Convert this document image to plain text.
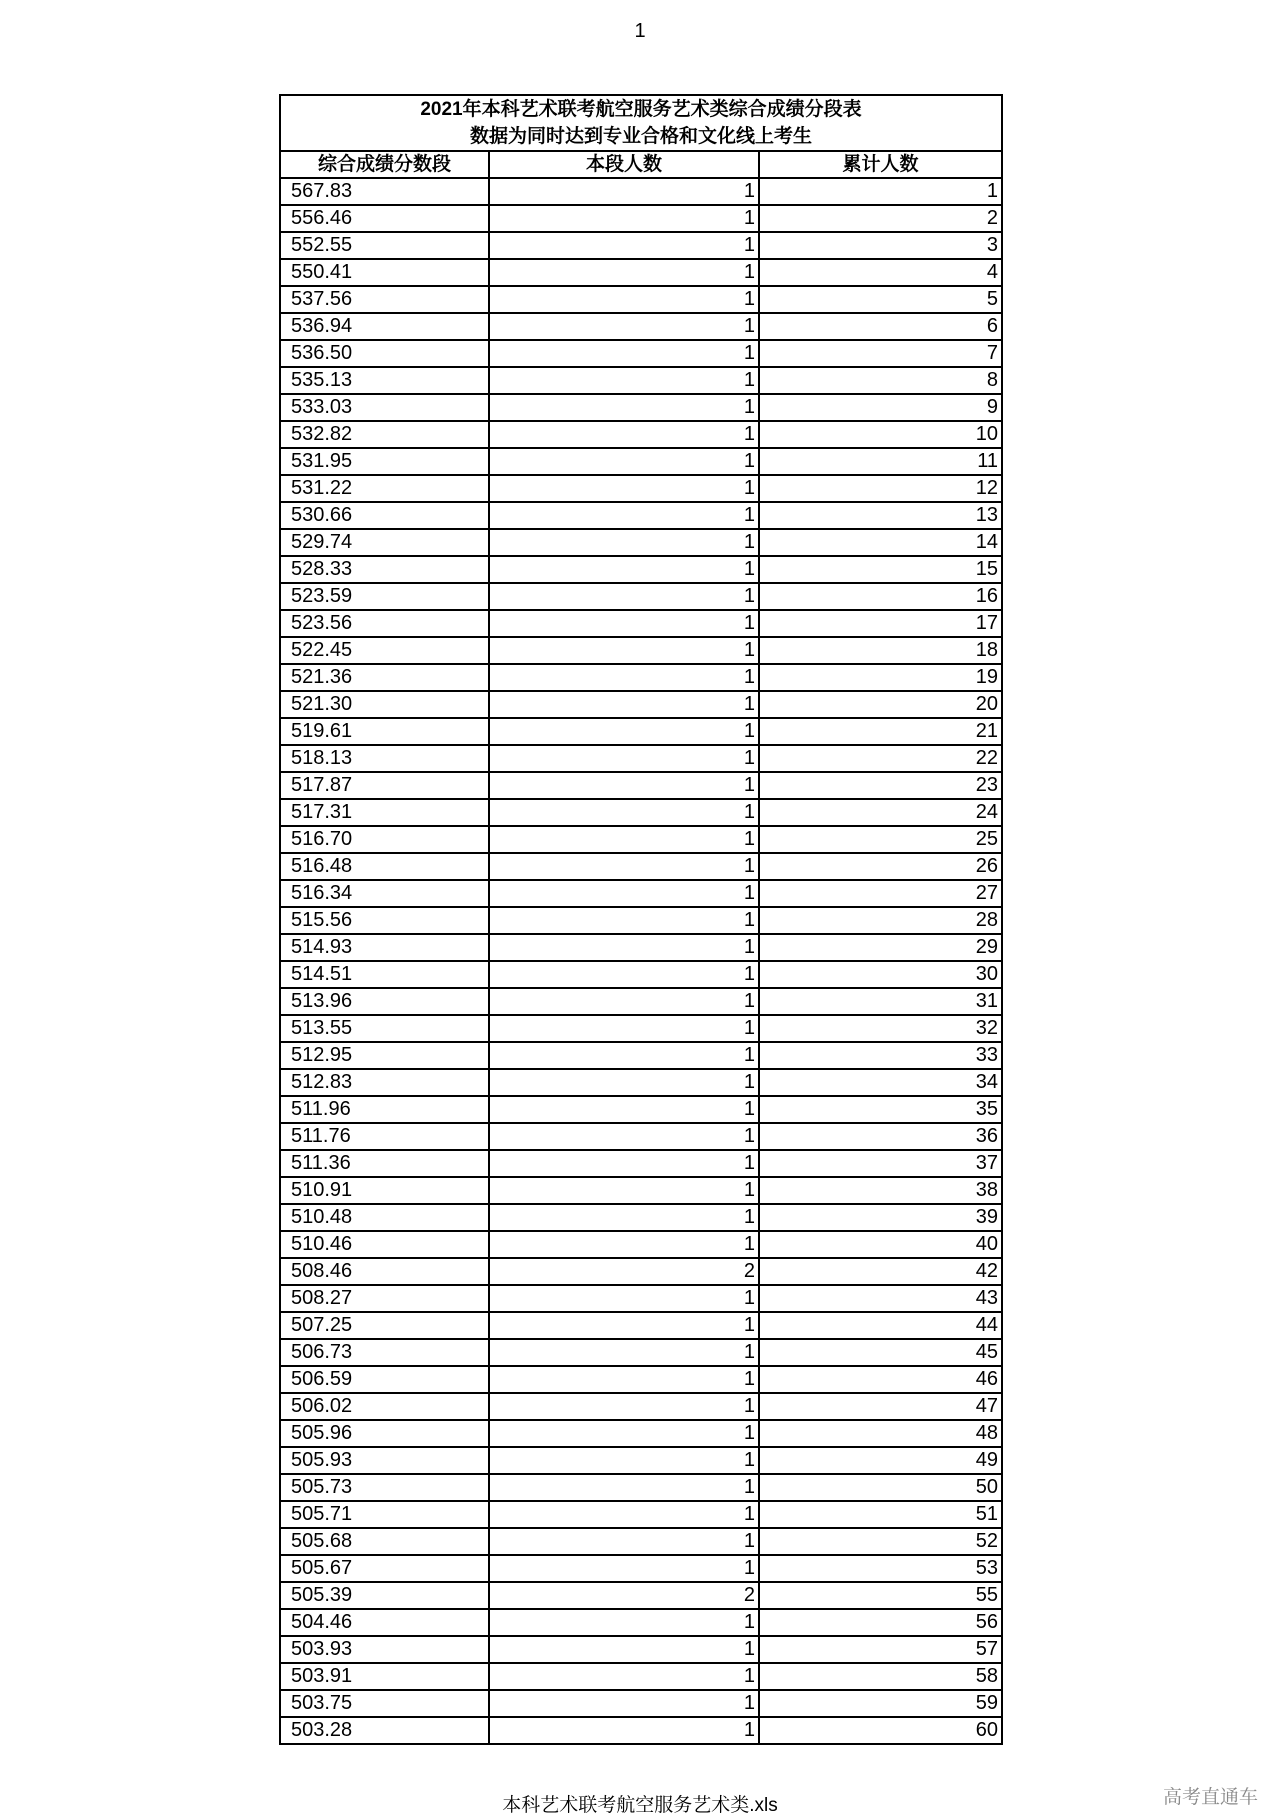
1
2021年本科艺术联考航空服务艺术类综合成绩分段表
数据为同时达到专业合格和文化线上考生
综合成绩分数段	本段人数	累计人数
567.83	1	1
556.46	1	2
552.55	1	3
550.41	1	4
537.56	1	5
536.94	1	6
536.50	1	7
535.13	1	8
533.03	1	9
532.82	1	10
531.95	1	11
531.22	1	12
530.66	1	13
529.74	1	14
528.33	1	15
523.59	1	16
523.56	1	17
522.45	1	18
521.36	1	19
521.30	1	20
519.61	1	21
518.13	1	22
517.87	1	23
517.31	1	24
516.70	1	25
516.48	1	26
516.34	1	27
515.56	1	28
514.93	1	29
514.51	1	30
513.96	1	31
513.55	1	32
512.95	1	33
512.83	1	34
511.96	1	35
511.76	1	36
511.36	1	37
510.91	1	38
510.48	1	39
510.46	1	40
508.46	2	42
508.27	1	43
507.25	1	44
506.73	1	45
506.59	1	46
506.02	1	47
505.96	1	48
505.93	1	49
505.73	1	50
505.71	1	51
505.68	1	52
505.67	1	53
505.39	2	55
504.46	1	56
503.93	1	57
503.91	1	58
503.75	1	59
503.28	1	60
本科艺术联考航空服务艺术类.xls	高考直通车
